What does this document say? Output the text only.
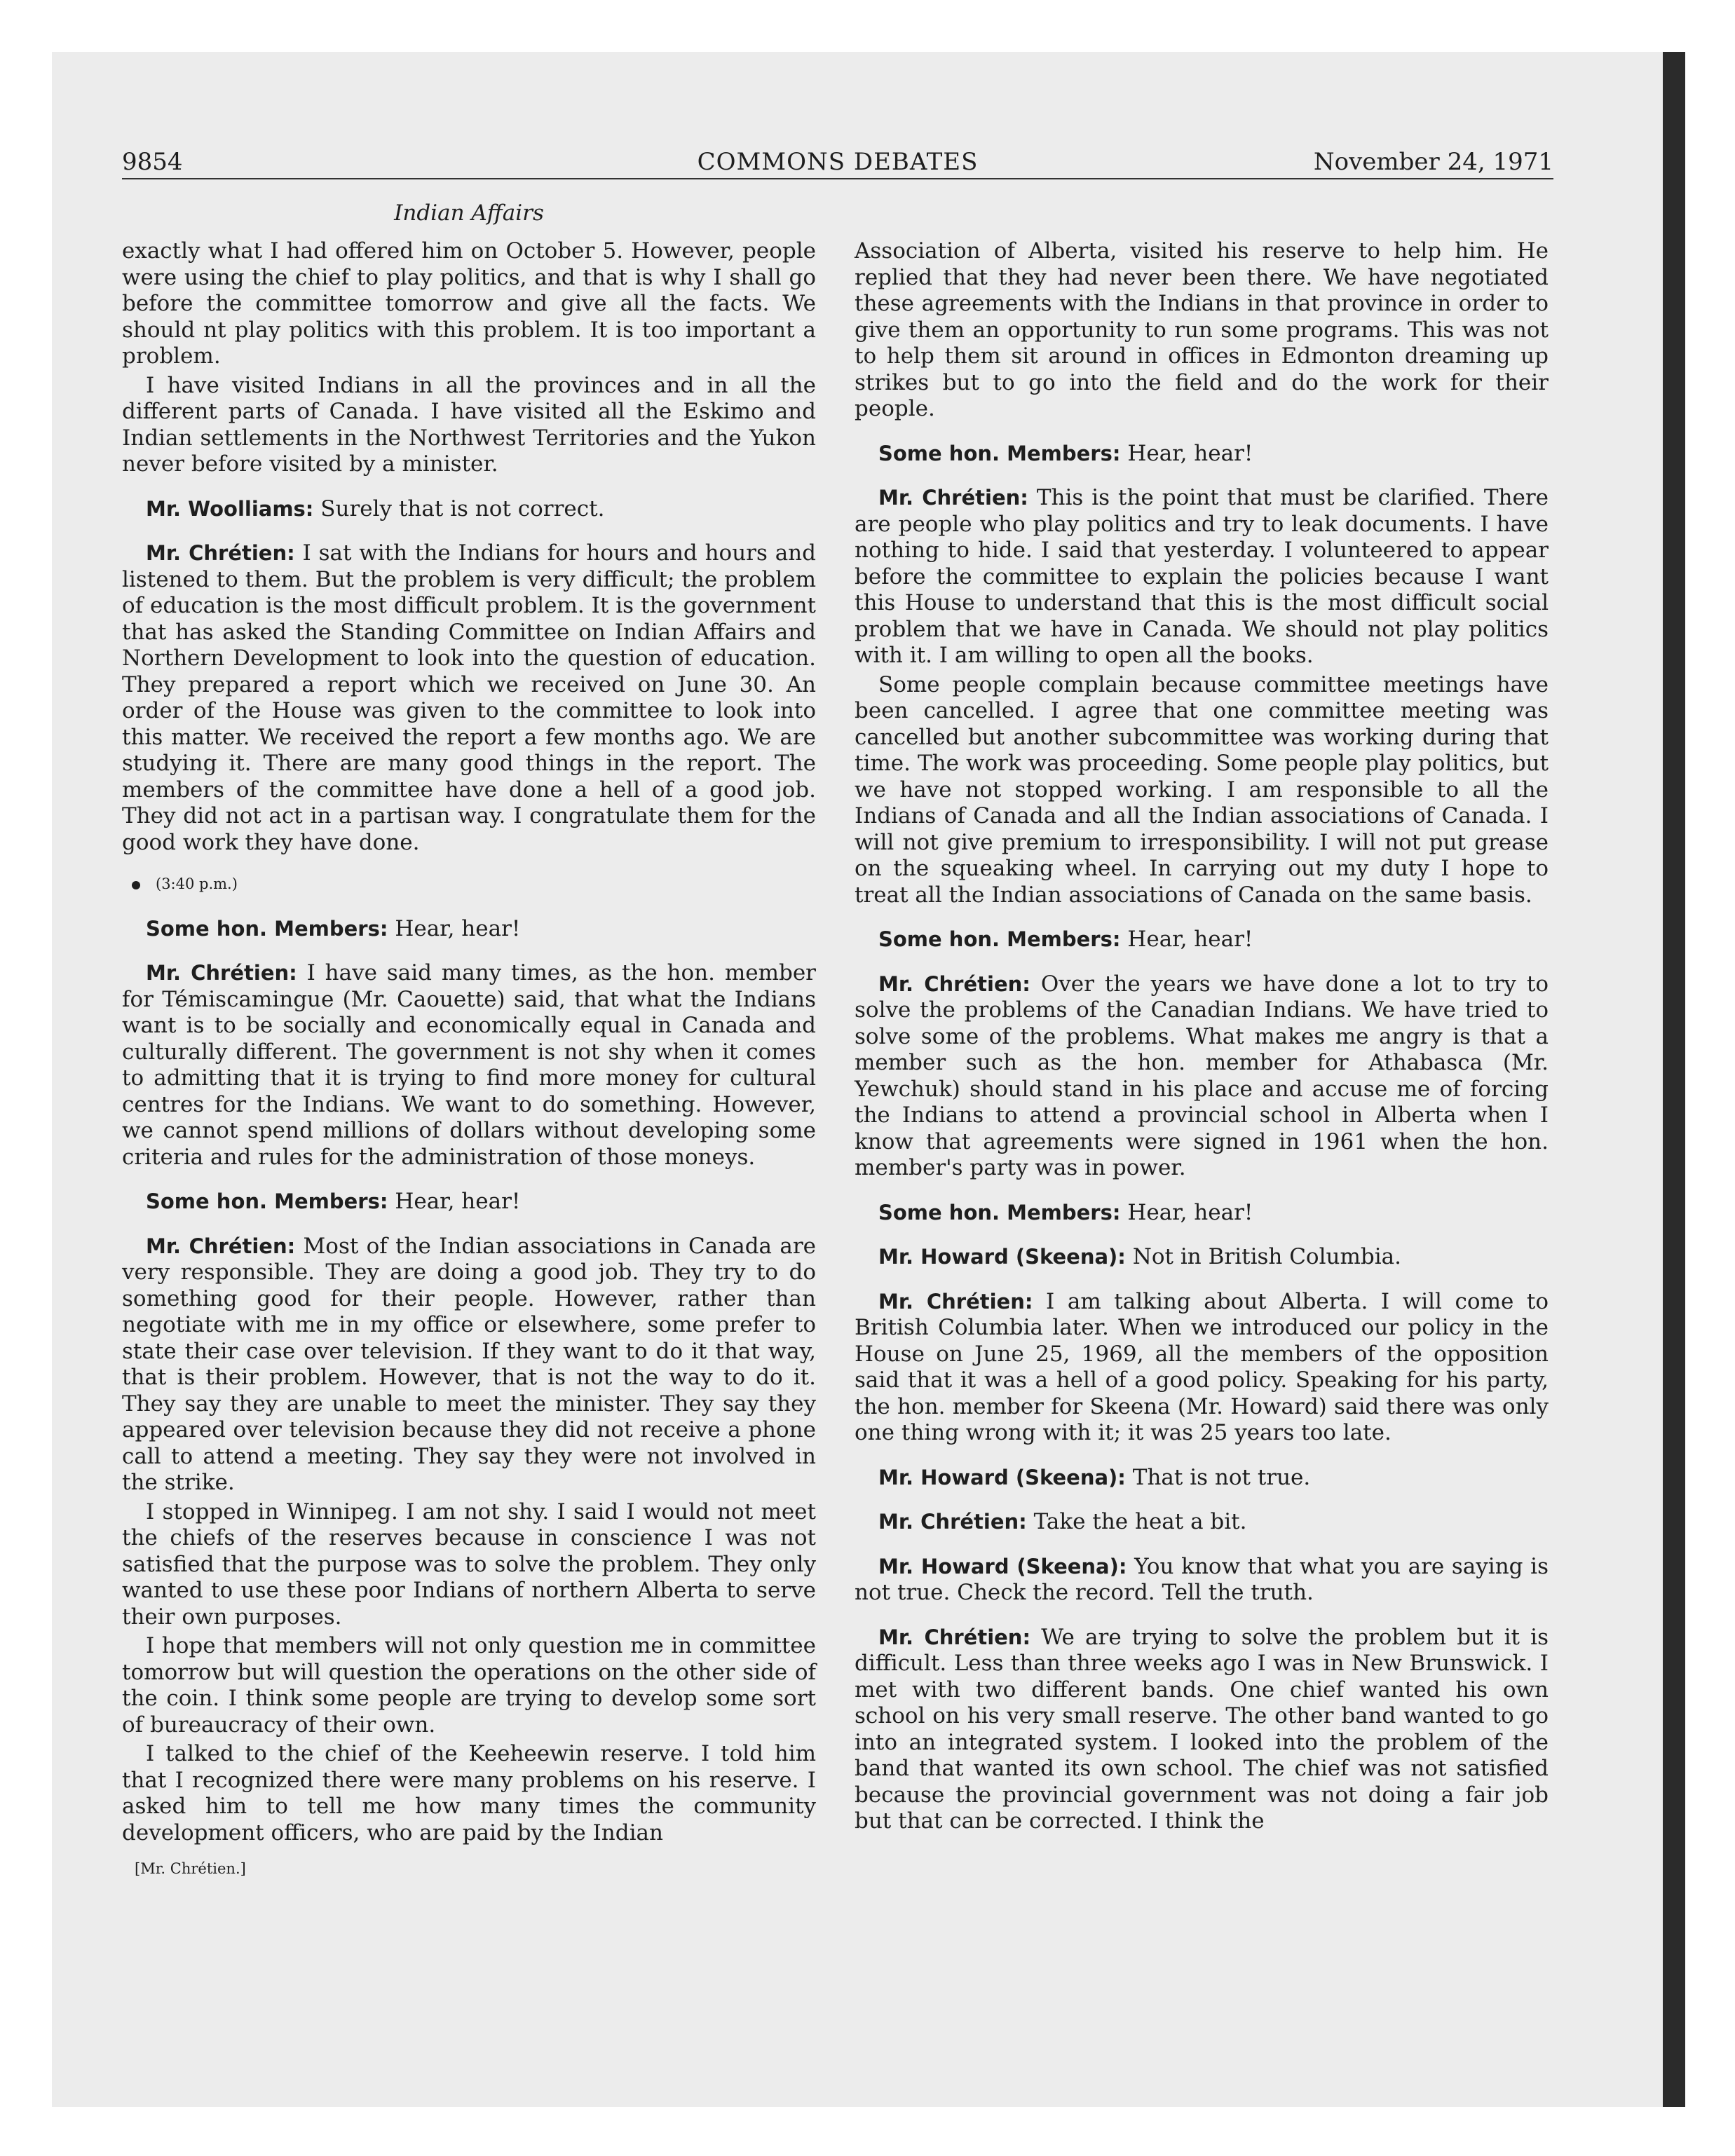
9854	COMMONS DEBATES	November 24, 1971
Indian Affairs

exactly what I had offered him on October 5. However, people were using the chief to play politics, and that is why I shall go before the committee tomorrow and give all the facts. We should nt play politics with this problem. It is too important a problem.

I have visited Indians in all the provinces and in all the different parts of Canada. I have visited all the Eskimo and Indian settlements in the Northwest Territories and the Yukon never before visited by a minister.

Mr. Woolliams: Surely that is not correct.

Mr. Chrétien: I sat with the Indians for hours and hours and listened to them. But the problem is very difficult; the problem of education is the most difficult problem. It is the government that has asked the Standing Committee on Indian Affairs and Northern Development to look into the question of education. They prepared a report which we received on June 30. An order of the House was given to the committee to look into this matter. We received the report a few months ago. We are studying it. There are many good things in the report. The members of the committee have done a hell of a good job. They did not act in a partisan way. I congratulate them for the good work they have done.

(3:40 p.m.)

Some hon. Members: Hear, hear!

Mr. Chrétien: I have said many times, as the hon. member for Témiscamingue (Mr. Caouette) said, that what the Indians want is to be socially and economically equal in Canada and culturally different. The government is not shy when it comes to admitting that it is trying to find more money for cultural centres for the Indians. We want to do something. However, we cannot spend millions of dollars without developing some criteria and rules for the administration of those moneys.

Some hon. Members: Hear, hear!

Mr. Chrétien: Most of the Indian associations in Canada are very responsible. They are doing a good job. They try to do something good for their people. However, rather than negotiate with me in my office or elsewhere, some prefer to state their case over television. If they want to do it that way, that is their problem. However, that is not the way to do it. They say they are unable to meet the minister. They say they appeared over television because they did not receive a phone call to attend a meeting. They say they were not involved in the strike.

I stopped in Winnipeg. I am not shy. I said I would not meet the chiefs of the reserves because in conscience I was not satisfied that the purpose was to solve the problem. They only wanted to use these poor Indians of northern Alberta to serve their own purposes.

I hope that members will not only question me in committee tomorrow but will question the operations on the other side of the coin. I think some people are trying to develop some sort of bureaucracy of their own.

I talked to the chief of the Keeheewin reserve. I told him that I recognized there were many problems on his reserve. I asked him to tell me how many times the community development officers, who are paid by the Indian

[Mr. Chrétien.]

Association of Alberta, visited his reserve to help him. He replied that they had never been there. We have negotiated these agreements with the Indians in that province in order to give them an opportunity to run some programs. This was not to help them sit around in offices in Edmonton dreaming up strikes but to go into the field and do the work for their people.

Some hon. Members: Hear, hear!

Mr. Chrétien: This is the point that must be clarified. There are people who play politics and try to leak documents. I have nothing to hide. I said that yesterday. I volunteered to appear before the committee to explain the policies because I want this House to understand that this is the most difficult social problem that we have in Canada. We should not play politics with it. I am willing to open all the books.

Some people complain because committee meetings have been cancelled. I agree that one committee meeting was cancelled but another subcommittee was working during that time. The work was proceeding. Some people play politics, but we have not stopped working. I am responsible to all the Indians of Canada and all the Indian associations of Canada. I will not give premium to irresponsibility. I will not put grease on the squeaking wheel. In carrying out my duty I hope to treat all the Indian associations of Canada on the same basis.

Some hon. Members: Hear, hear!

Mr. Chrétien: Over the years we have done a lot to try to solve the problems of the Canadian Indians. We have tried to solve some of the problems. What makes me angry is that a member such as the hon. member for Athabasca (Mr. Yewchuk) should stand in his place and accuse me of forcing the Indians to attend a provincial school in Alberta when I know that agreements were signed in 1961 when the hon. member's party was in power.

Some hon. Members: Hear, hear!

Mr. Howard (Skeena): Not in British Columbia.

Mr. Chrétien: I am talking about Alberta. I will come to British Columbia later. When we introduced our policy in the House on June 25, 1969, all the members of the opposition said that it was a hell of a good policy. Speaking for his party, the hon. member for Skeena (Mr. Howard) said there was only one thing wrong with it; it was 25 years too late.

Mr. Howard (Skeena): That is not true.

Mr. Chrétien: Take the heat a bit.

Mr. Howard (Skeena): You know that what you are saying is not true. Check the record. Tell the truth.

Mr. Chrétien: We are trying to solve the problem but it is difficult. Less than three weeks ago I was in New Brunswick. I met with two different bands. One chief wanted his own school on his very small reserve. The other band wanted to go into an integrated system. I looked into the problem of the band that wanted its own school. The chief was not satisfied because the provincial government was not doing a fair job but that can be corrected. I think the
